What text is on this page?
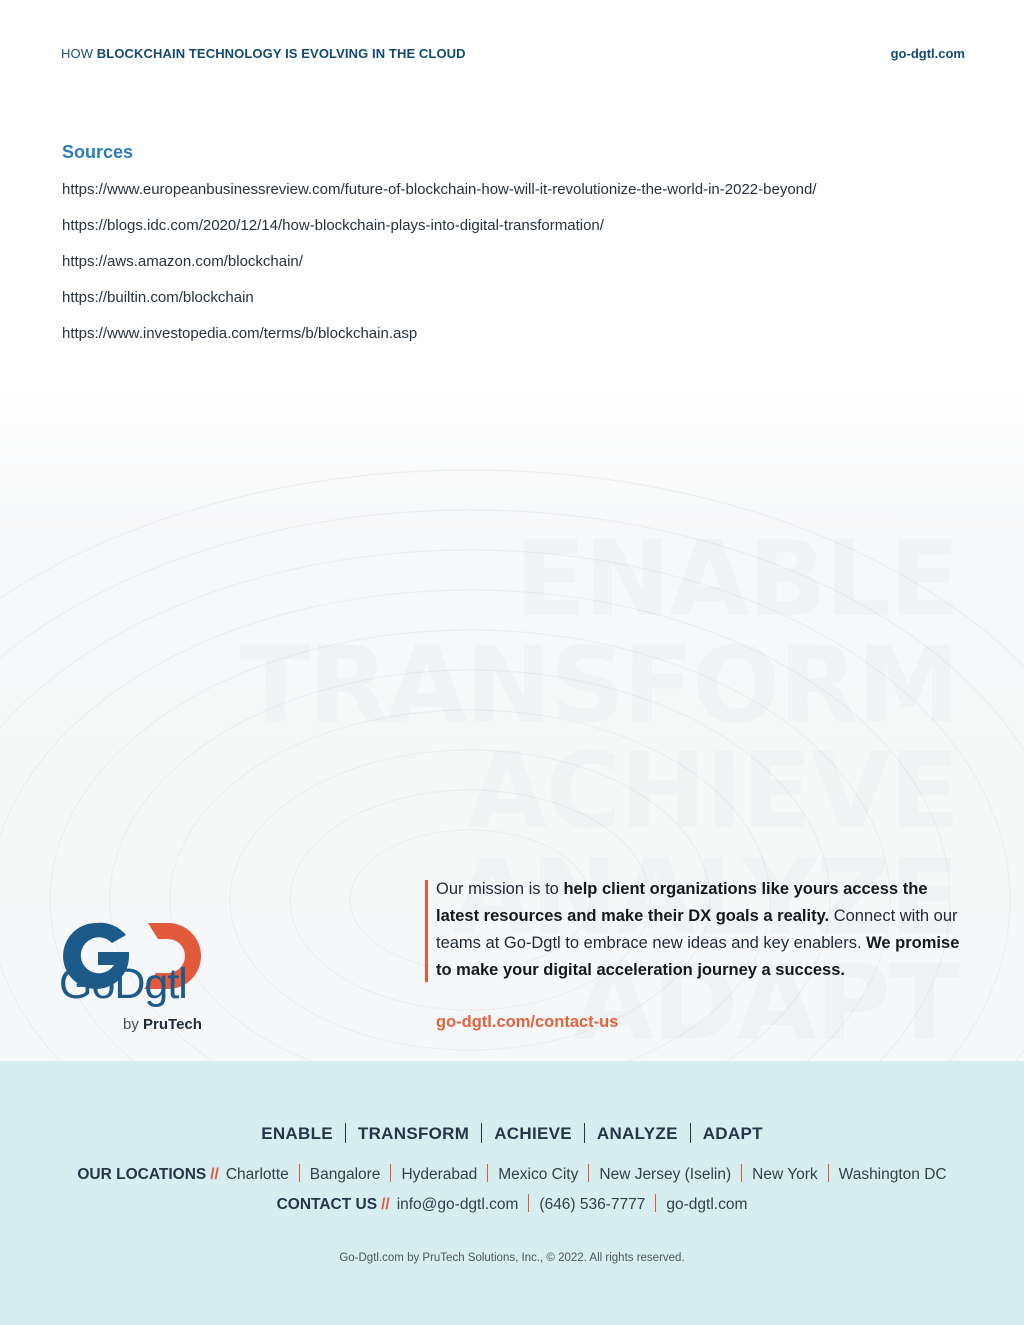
HOW BLOCKCHAIN TECHNOLOGY IS EVOLVING IN THE CLOUD	go-dgtl.com
Sources
https://www.europeanbusinessreview.com/future-of-blockchain-how-will-it-revolutionize-the-world-in-2022-beyond/
https://blogs.idc.com/2020/12/14/how-blockchain-plays-into-digital-transformation/
https://aws.amazon.com/blockchain/
https://builtin.com/blockchain
https://www.investopedia.com/terms/b/blockchain.asp
GoDgtl
by PruTech
Our mission is to help client organizations like yours access the latest resources and make their DX goals a reality. Connect with our teams at Go-Dgtl to embrace new ideas and key enablers. We promise to make your digital acceleration journey a success.
go-dgtl.com/contact-us
ENABLE TRANSFORM ACHIEVE ANALYZE ADAPT
OUR LOCATIONS // Charlotte Bangalore Hyderabad Mexico City New Jersey (Iselin) New York Washington DC
CONTACT US // info@go-dgtl.com (646) 536-7777 go-dgtl.com
Go-Dgtl.com by PruTech Solutions, Inc., © 2022. All rights reserved.
